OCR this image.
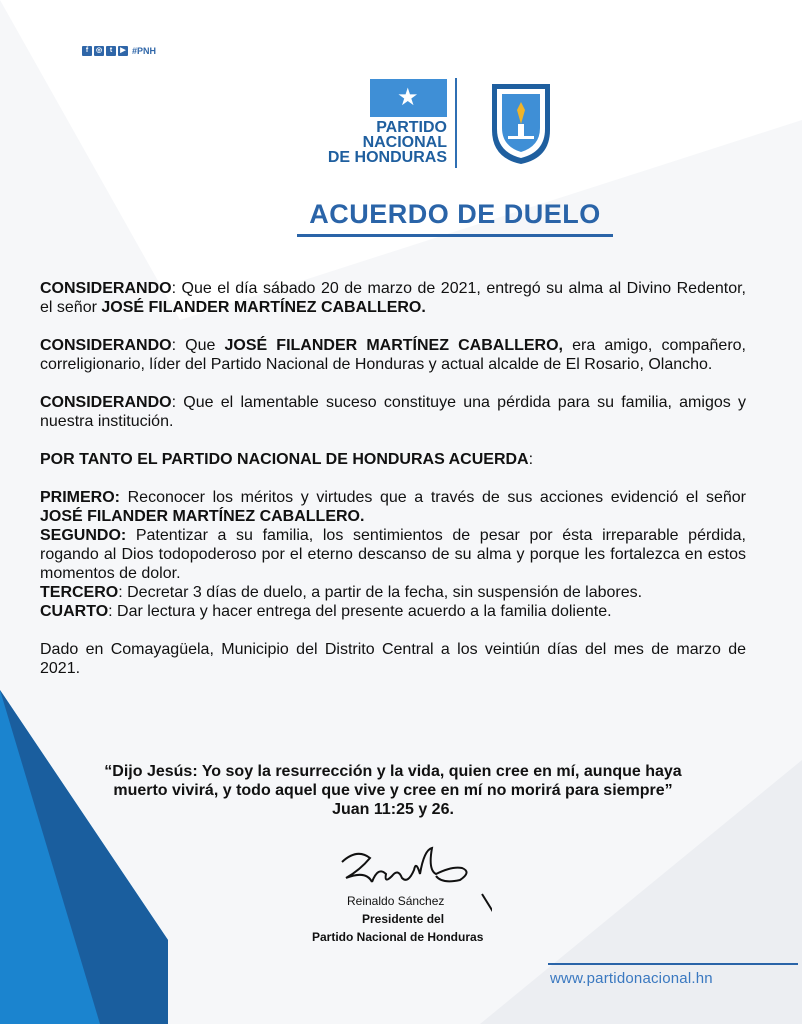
f	◎	t	▶ #PNH
★
PARTIDO
NACIONAL
DE HONDURAS
ACUERDO DE DUELO

CONSIDERANDO: Que el día sábado 20 de marzo de 2021, entregó su alma al Divino Redentor, el señor JOSÉ FILANDER MARTÍNEZ CABALLERO.

CONSIDERANDO: Que JOSÉ FILANDER MARTÍNEZ CABALLERO, era amigo, compañero, correligionario, líder del Partido Nacional de Honduras y actual alcalde de El Rosario, Olancho.

CONSIDERANDO: Que el lamentable suceso constituye una pérdida para su familia, amigos y nuestra institución.

POR TANTO EL PARTIDO NACIONAL DE HONDURAS ACUERDA:

PRIMERO: Reconocer los méritos y virtudes que a través de sus acciones evidenció el señor JOSÉ FILANDER MARTÍNEZ CABALLERO.

SEGUNDO: Patentizar a su familia, los sentimientos de pesar por ésta irreparable pérdida, rogando al Dios todopoderoso por el eterno descanso de su alma y porque les fortalezca en estos momentos de dolor.

TERCERO: Decretar 3 días de duelo, a partir de la fecha, sin suspensión de labores.

CUARTO: Dar lectura y hacer entrega del presente acuerdo a la familia doliente.

Dado en Comayagüela, Municipio del Distrito Central a los veintiún días del mes de marzo de 2021.

“Dijo Jesús: Yo soy la resurrección y la vida, quien cree en mí, aunque haya
muerto vivirá, y todo aquel que vive y cree en mí no morirá para siempre”
Juan 11:25 y 26.
Reinaldo Sánchez
Presidente del
Partido Nacional de Honduras
www.partidonacional.hn
